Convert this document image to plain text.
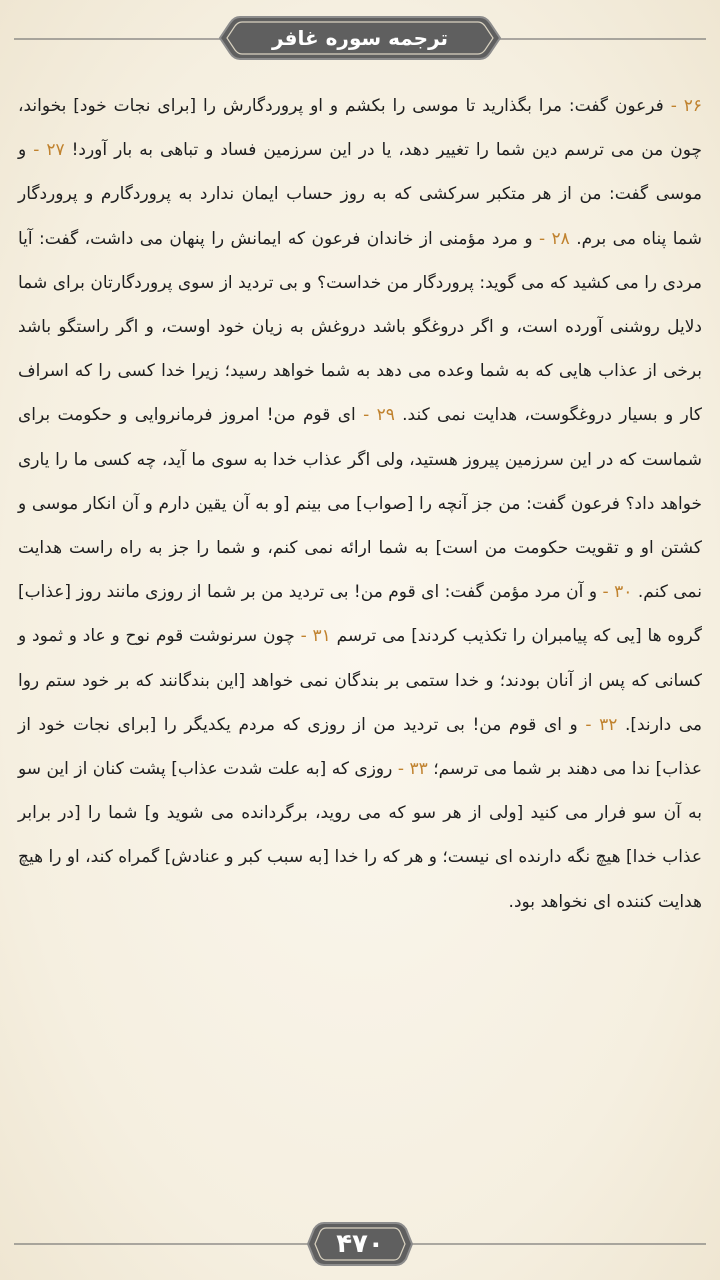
ترجمه سوره غافر
۲۶ - فرعون گفت: مرا بگذارید تا موسی را بکشم و او پروردگارش را [برای نجات خود] بخواند، چون من می ترسم دین شما را تغییر دهد، یا در این سرزمین فساد و تباهی به بار آورد! ۲۷ - و موسی گفت: من از هر متکبر سرکشی که به روز حساب ایمان ندارد به پروردگارم و پروردگار شما پناه می برم. ۲۸ - و مرد مؤمنی از خاندان فرعون که ایمانش را پنهان می داشت، گفت: آیا مردی را می کشید که می گوید: پروردگار من خداست؟ و بی تردید از سوی پروردگارتان برای شما دلایل روشنی آورده است، و اگر دروغگو باشد دروغش به زیان خود اوست، و اگر راستگو باشد برخی از عذاب هایی که به شما وعده می دهد به شما خواهد رسید؛ زیرا خدا کسی را که اسراف کار و بسیار دروغگوست، هدایت نمی کند. ۲۹ - ای قوم من! امروز فرمانروایی و حکومت برای شماست که در این سرزمین پیروز هستید، ولی اگر عذاب خدا به سوی ما آید، چه کسی ما را یاری خواهد داد؟ فرعون گفت: من جز آنچه را [صواب] می بینم [و به آن یقین دارم و آن انکار موسی و کشتن او و تقویت حکومت من است] به شما ارائه نمی کنم، و شما را جز به راه راست هدایت نمی کنم. ۳۰ - و آن مرد مؤمن گفت: ای قوم من! بی تردید من بر شما از روزی مانند روز [عذاب] گروه ها [یی که پیامبران را تکذیب کردند] می ترسم ۳۱ - چون سرنوشت قوم نوح و عاد و ثمود و کسانی که پس از آنان بودند؛ و خدا ستمی بر بندگان نمی خواهد [این بندگانند که بر خود ستم روا می دارند]. ۳۲ - و ای قوم من! بی تردید من از روزی که مردم یکدیگر را [برای نجات خود از عذاب] ندا می دهند بر شما می ترسم؛ ۳۳ - روزی که [به علت شدت عذاب] پشت کنان از این سو به آن سو فرار می کنید [ولی از هر سو که می روید، برگردانده می شوید و] شما را [در برابر عذاب خدا] هیچ نگه دارنده ای نیست؛ و هر که را خدا [به سبب کبر و عنادش] گمراه کند، او را هیچ هدایت کننده ای نخواهد بود.
۴۷۰
